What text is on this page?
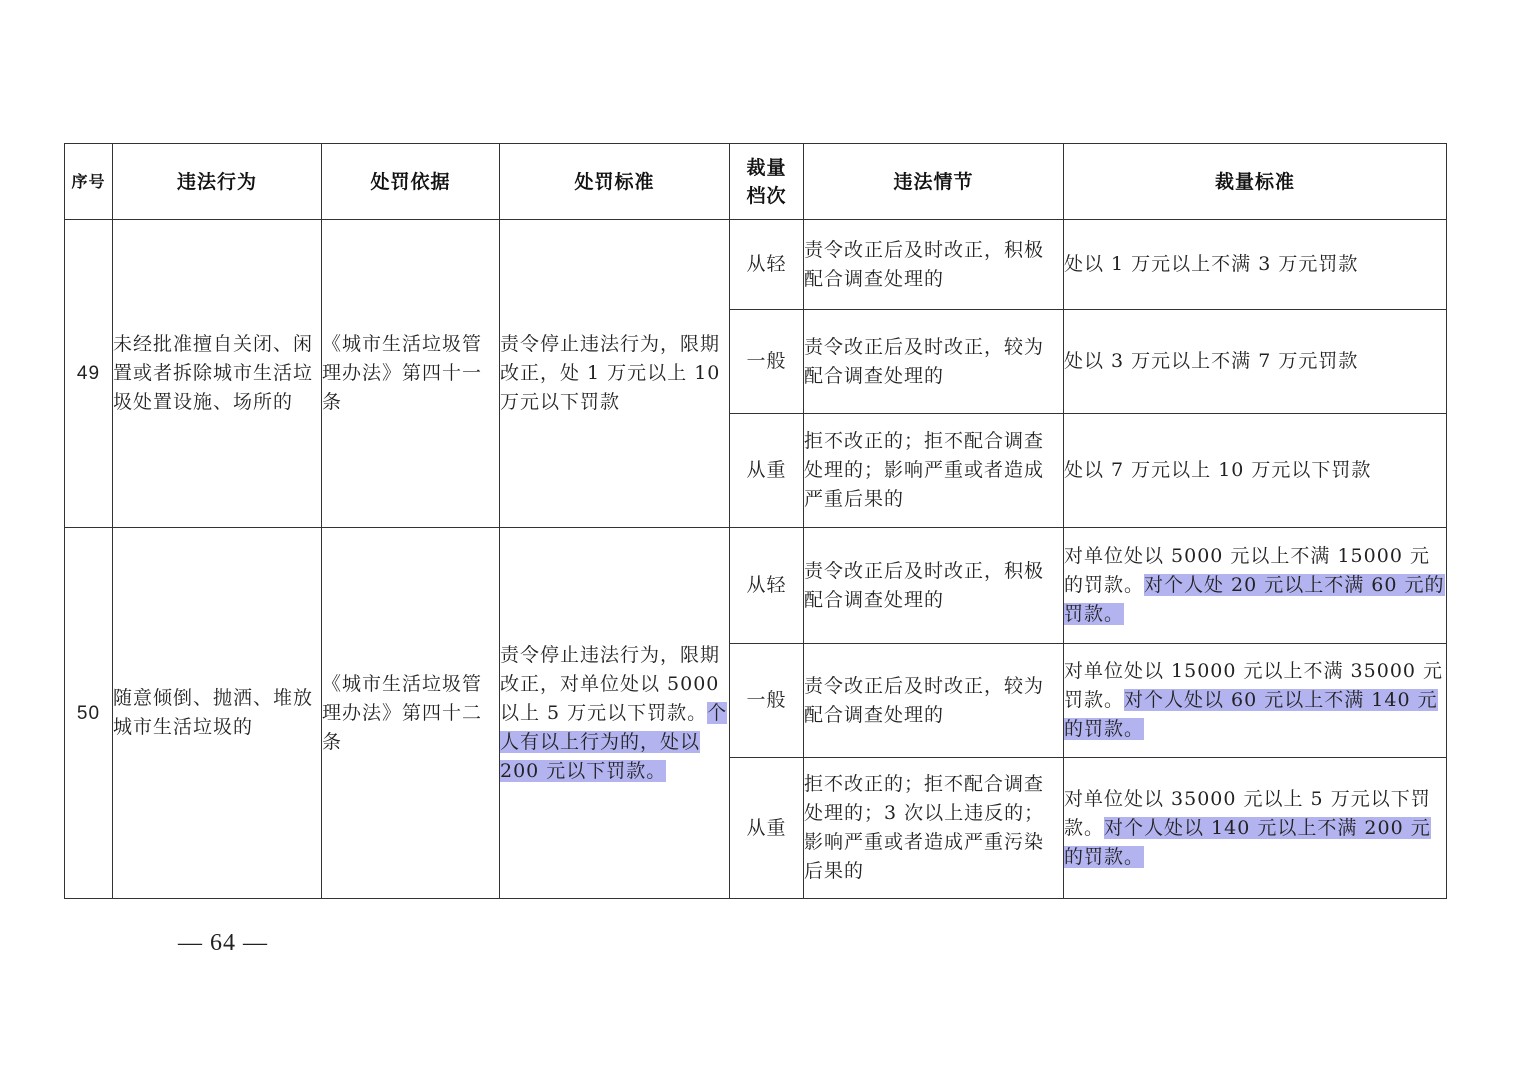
序号	违法行为	处罚依据	处罚标准	裁量档次	违法情节	裁量标准
49	未经批准擅自关闭、闲置或者拆除城市生活垃圾处置设施、场所的	《城市生活垃圾管理办法》第四十一条	责令停止违法行为，限期改正，处 1 万元以上 10 万元以下罚款	从轻	责令改正后及时改正，积极配合调查处理的	处以 1 万元以上不满 3 万元罚款
				一般	责令改正后及时改正，较为配合调查处理的	处以 3 万元以上不满 7 万元罚款
				从重	拒不改正的；拒不配合调查处理的；影响严重或者造成严重后果的	处以 7 万元以上 10 万元以下罚款
50	随意倾倒、抛洒、堆放城市生活垃圾的	《城市生活垃圾管理办法》第四十二条	责令停止违法行为，限期改正，对单位处以 5000 以上 5 万元以下罚款。个人有以上行为的，处以 200 元以下罚款。	从轻	责令改正后及时改正，积极配合调查处理的	对单位处以 5000 元以上不满 15000 元的罚款。对个人处 20 元以上不满 60 元的罚款。
				一般	责令改正后及时改正，较为配合调查处理的	对单位处以 15000 元以上不满 35000 元罚款。对个人处以 60 元以上不满 140 元的罚款。
				从重	拒不改正的；拒不配合调查处理的；3 次以上违反的；影响严重或者造成严重污染后果的	对单位处以 35000 元以上 5 万元以下罚款。对个人处以 140 元以上不满 200 元的罚款。
— 64 —
